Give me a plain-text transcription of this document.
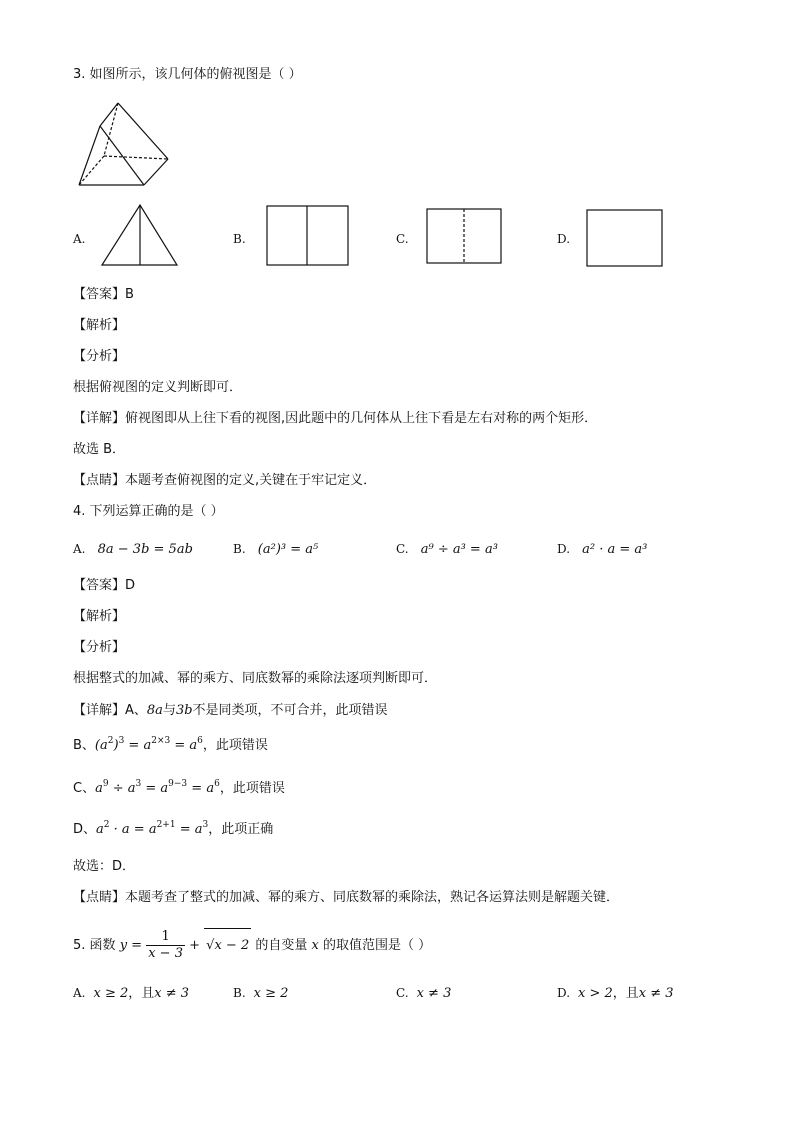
3. 如图所示，该几何体的俯视图是（ ）
A.	B.	C.	D.
【答案】B
【解析】
【分析】
根据俯视图的定义判断即可．
【详解】俯视图即从上往下看的视图,因此题中的几何体从上往下看是左右对称的两个矩形．
故选 B．
【点睛】本题考查俯视图的定义,关键在于牢记定义．
4. 下列运算正确的是（ ）
A. 8a − 3b = 5ab	B. (a²)³ = a⁵	C. a⁹ ÷ a³ = a³	D. a² · a = a³
【答案】D
【解析】
【分析】
根据整式的加减、幂的乘方、同底数幂的乘除法逐项判断即可．
【详解】A、8a与3b不是同类项，不可合并，此项错误
B、$(a^2)^3 = a^{2\times 3} = a^6$，此项错误
C、$a^9 \div a^3 = a^{9-3} = a^6$，此项错误
D、$a^2 \cdot a = a^{2+1} = a^3$，此项正确
故选：D．
【点睛】本题考查了整式的加减、幂的乘方、同底数幂的乘除法，熟记各运算法则是解题关键．
5. 函数 $y = \frac{1}{x - 3} + √x - 2$ 的自变量 x 的取值范围是（ ）
A. x ≥ 2，且x ≠ 3	B. x ≥ 2	C. x ≠ 3	D. x > 2，且x ≠ 3
